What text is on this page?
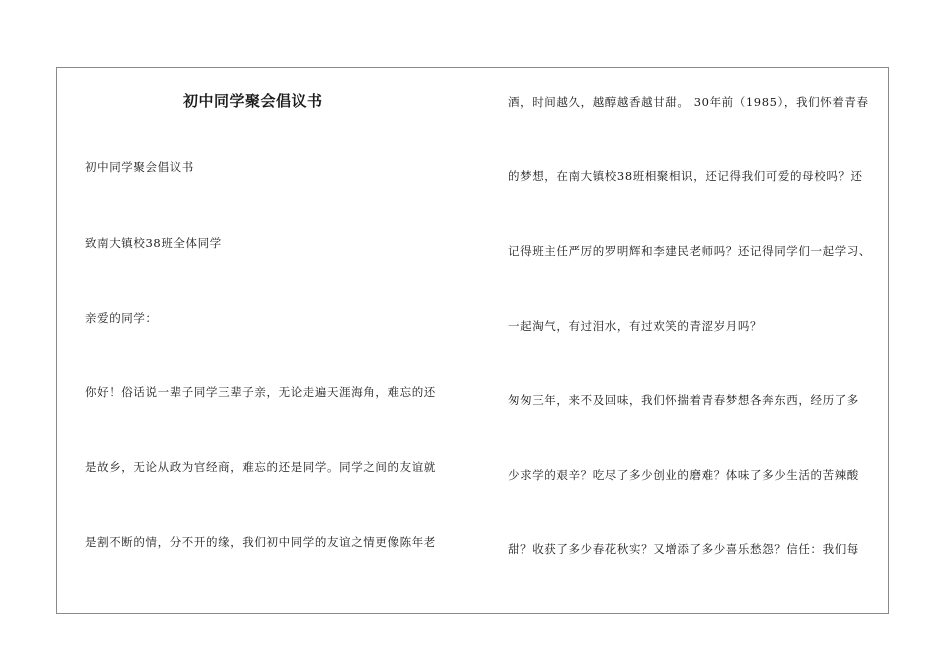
初中同学聚会倡议书
初中同学聚会倡议书
致南大镇校38班全体同学
亲爱的同学：
你好！俗话说一辈子同学三辈子亲，无论走遍天涯海角，难忘的还
是故乡，无论从政为官经商，难忘的还是同学。同学之间的友谊就
是割不断的情，分不开的缘，我们初中同学的友谊之情更像陈年老
酒，时间越久，越醇越香越甘甜。 30年前（1985），我们怀着青春
的梦想，在南大镇校38班相聚相识，还记得我们可爱的母校吗？还
记得班主任严厉的罗明辉和李建民老师吗？还记得同学们一起学习、
一起淘气，有过泪水，有过欢笑的青涩岁月吗？
匆匆三年，来不及回味，我们怀揣着青春梦想各奔东西，经历了多
少求学的艰辛？吃尽了多少创业的磨难？体味了多少生活的苦辣酸
甜？收获了多少春花秋实？又增添了多少喜乐愁怨？信任：我们每
